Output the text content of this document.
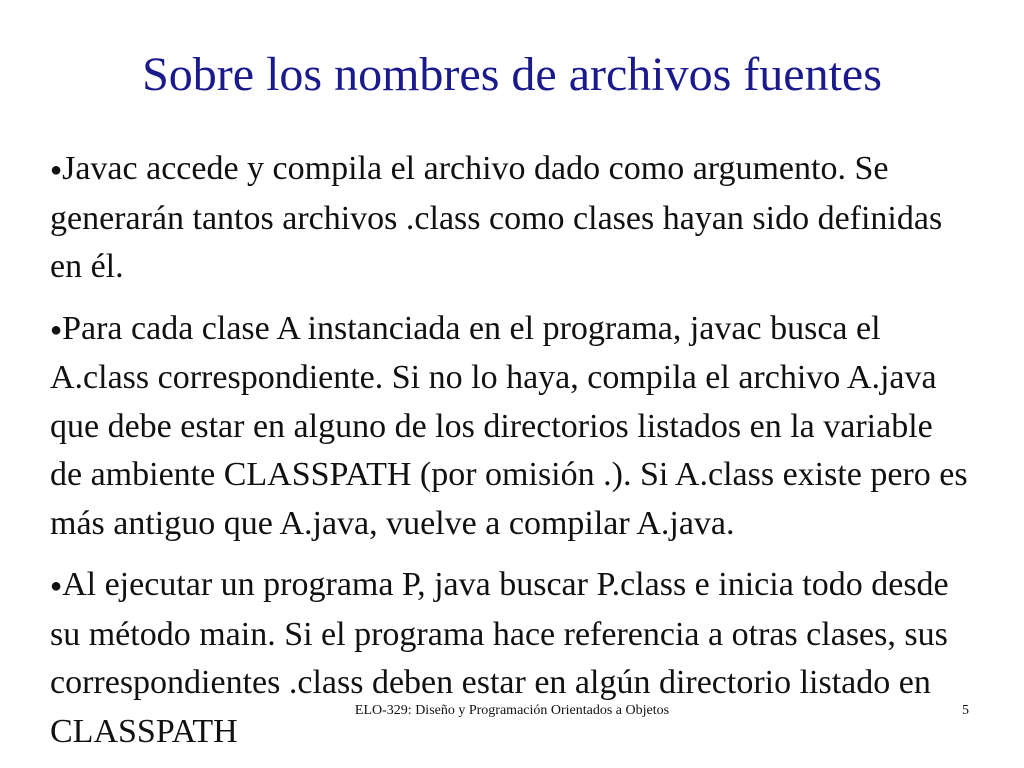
Sobre los nombres de archivos fuentes
●Javac accede y compila el archivo dado como argumento. Se generarán tantos archivos .class como clases hayan sido definidas en él.
●Para cada clase A instanciada en el programa, javac busca el A.class correspondiente. Si no lo haya, compila el archivo A.java que debe estar en alguno de los directorios listados en la variable de ambiente CLASSPATH (por omisión .). Si A.class existe pero es más antiguo que A.java, vuelve a compilar A.java.
●Al ejecutar un programa P, java buscar P.class e inicia todo desde su método main. Si el programa hace referencia a otras clases, sus correspondientes .class deben estar en algún directorio listado en CLASSPATH
ELO-329: Diseño y Programación Orientados a Objetos	5
